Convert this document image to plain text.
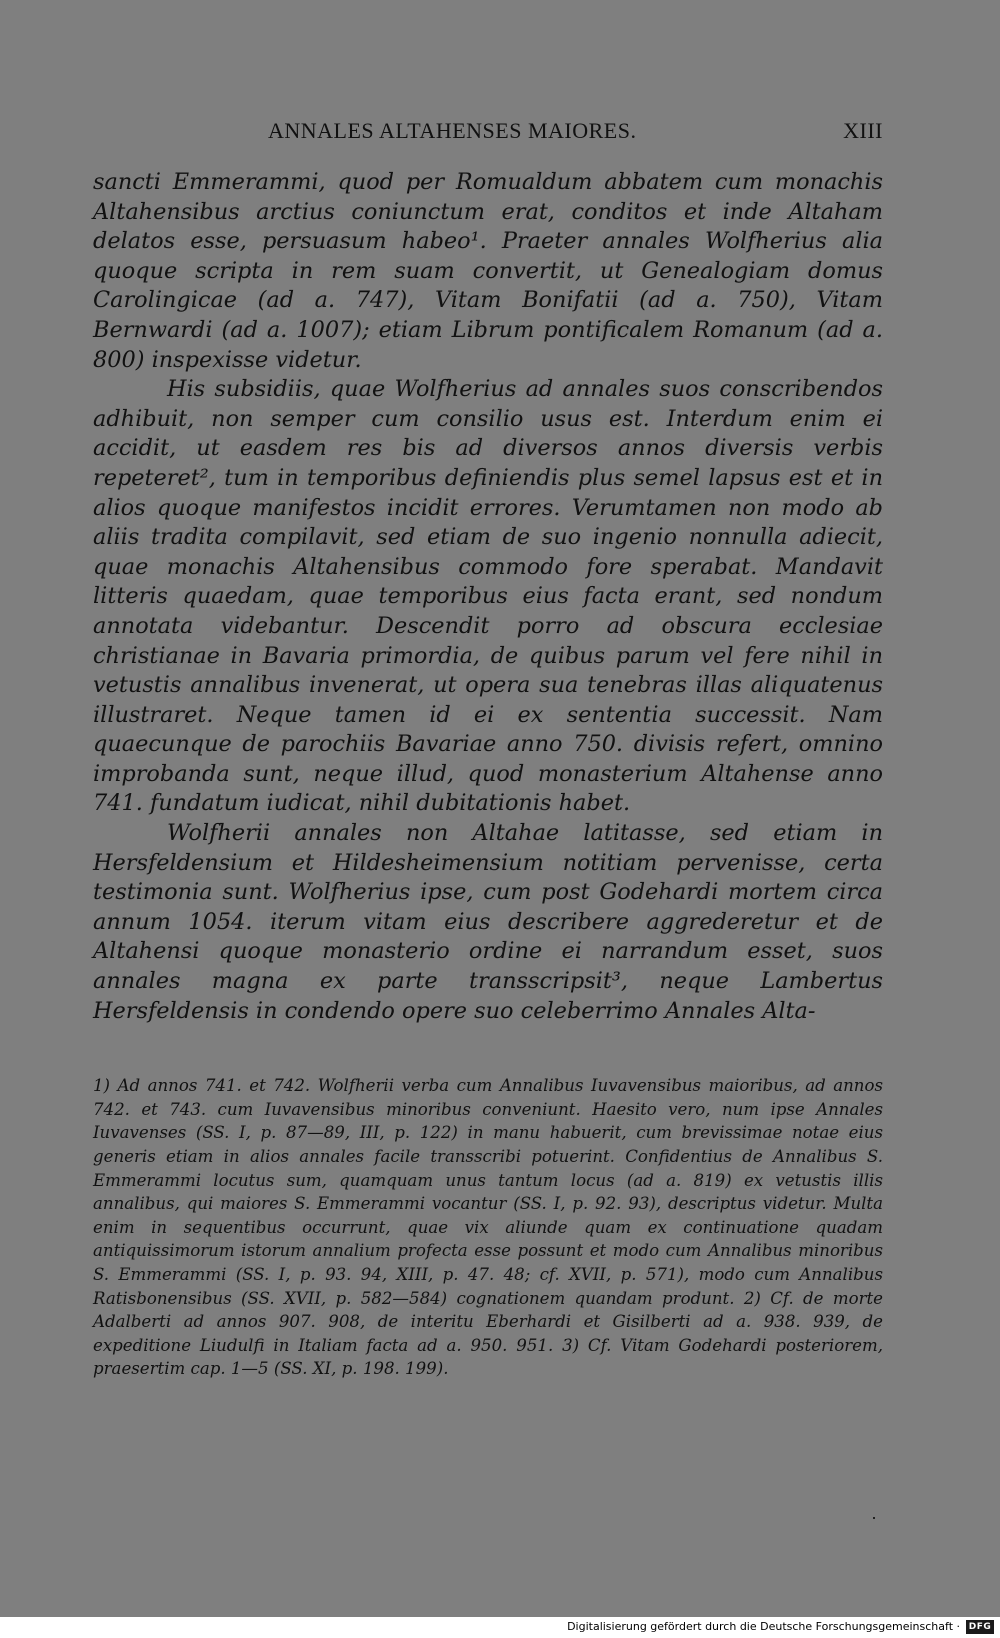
ANNALES ALTAHENSES MAIORES.	XIII

sancti Emmerammi, quod per Romualdum abbatem cum monachis Altahensibus arctius coniunctum erat, conditos et inde Altaham delatos esse, persuasum habeo¹. Praeter annales Wolfherius alia quoque scripta in rem suam convertit, ut Genealogiam domus Carolingicae (ad a. 747), Vitam Bonifatii (ad a. 750), Vitam Bernwardi (ad a. 1007); etiam Librum pontificalem Romanum (ad a. 800) inspexisse videtur.

His subsidiis, quae Wolfherius ad annales suos conscribendos adhibuit, non semper cum consilio usus est. Interdum enim ei accidit, ut easdem res bis ad diversos annos diversis verbis repeteret², tum in temporibus definiendis plus semel lapsus est et in alios quoque manifestos incidit errores. Verumtamen non modo ab aliis tradita compilavit, sed etiam de suo ingenio nonnulla adiecit, quae monachis Altahensibus commodo fore sperabat. Mandavit litteris quaedam, quae temporibus eius facta erant, sed nondum annotata videbantur. Descendit porro ad obscura ecclesiae christianae in Bavaria primordia, de quibus parum vel fere nihil in vetustis annalibus invenerat, ut opera sua tenebras illas aliquatenus illustraret. Neque tamen id ei ex sententia successit. Nam quaecunque de parochiis Bavariae anno 750. divisis refert, omnino improbanda sunt, neque illud, quod monasterium Altahense anno 741. fundatum iudicat, nihil dubitationis habet.

Wolfherii annales non Altahae latitasse, sed etiam in Hersfeldensium et Hildesheimensium notitiam pervenisse, certa testimonia sunt. Wolfherius ipse, cum post Godehardi mortem circa annum 1054. iterum vitam eius describere aggrederetur et de Altahensi quoque monasterio ordine ei narrandum esset, suos annales magna ex parte transscripsit³, neque Lambertus Hersfeldensis in condendo opere suo celeberrimo Annales Alta-

1) Ad annos 741. et 742. Wolfherii verba cum Annalibus Iuvavensibus maioribus, ad annos 742. et 743. cum Iuvavensibus minoribus conveniunt. Haesito vero, num ipse Annales Iuvavenses (SS. I, p. 87—89, III, p. 122) in manu habuerit, cum brevissimae notae eius generis etiam in alios annales facile transscribi potuerint. Confidentius de Annalibus S. Emmerammi locutus sum, quamquam unus tantum locus (ad a. 819) ex vetustis illis annalibus, qui maiores S. Emmerammi vocantur (SS. I, p. 92. 93), descriptus videtur. Multa enim in sequentibus occurrunt, quae vix aliunde quam ex continuatione quadam antiquissimorum istorum annalium profecta esse possunt et modo cum Annalibus minoribus S. Emmerammi (SS. I, p. 93. 94, XIII, p. 47. 48; cf. XVII, p. 571), modo cum Annalibus Ratisbonensibus (SS. XVII, p. 582—584) cognationem quandam produnt. 2) Cf. de morte Adalberti ad annos 907. 908, de interitu Eberhardi et Gisilberti ad a. 938. 939, de expeditione Liudulfi in Italiam facta ad a. 950. 951. 3) Cf. Vitam Godehardi posteriorem, praesertim cap. 1—5 (SS. XI, p. 198. 199).

Digitalisierung gefördert durch die Deutsche Forschungsgemeinschaft · DFG
